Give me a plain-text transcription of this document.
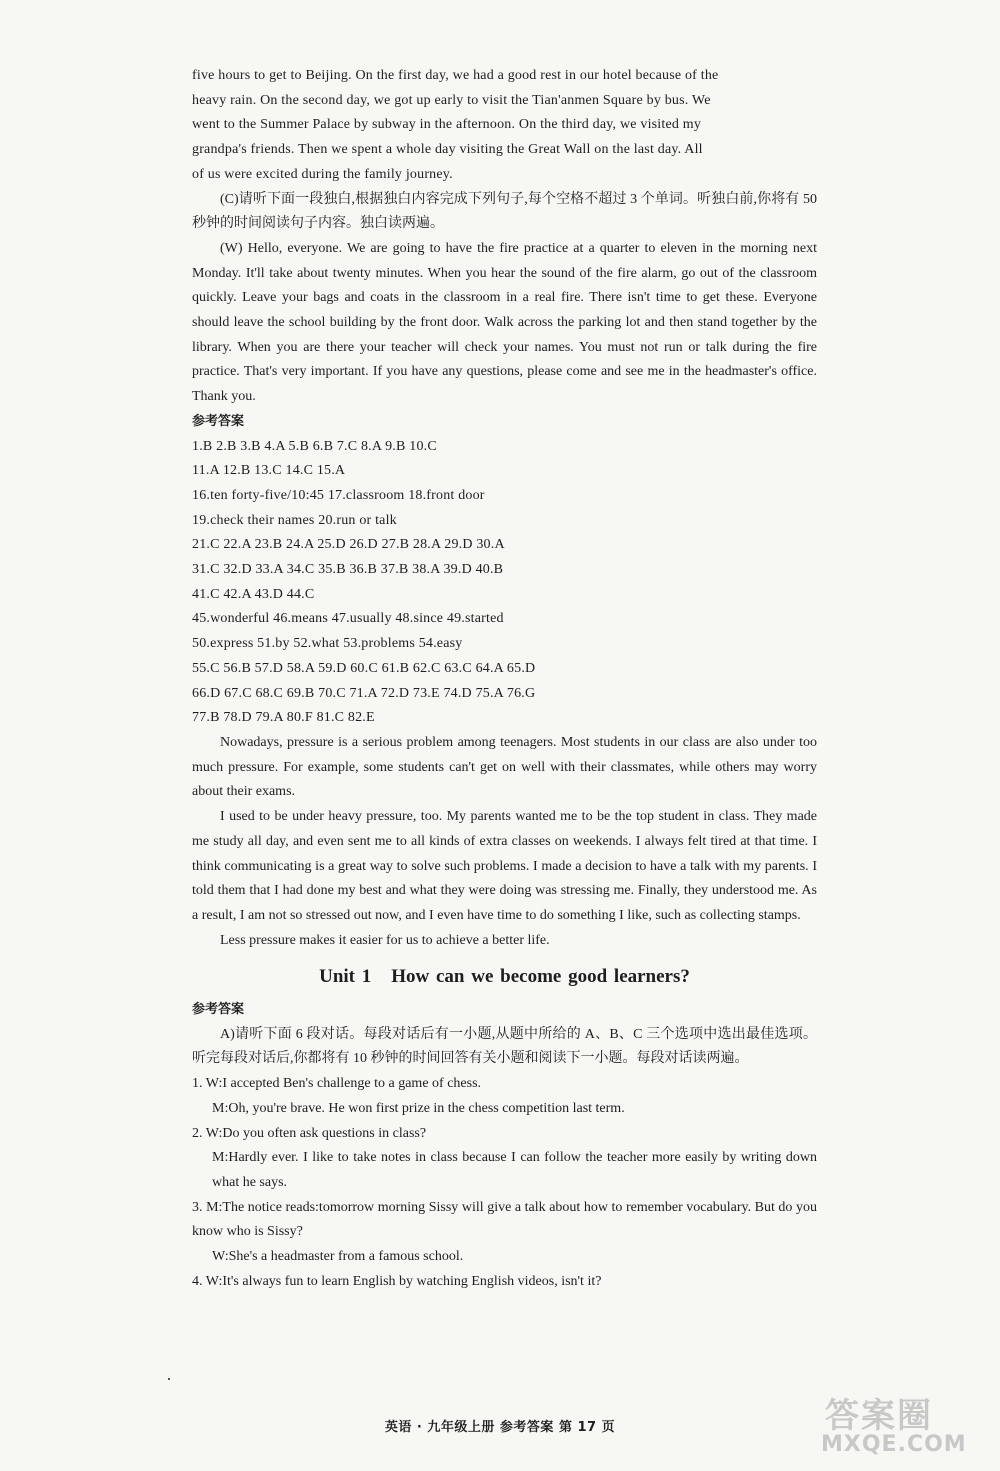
five hours to get to Beijing. On the first day, we had a good rest in our hotel because of the

heavy rain. On the second day, we got up early to visit the Tian'anmen Square by bus. We

went to the Summer Palace by subway in the afternoon. On the third day, we visited my

grandpa's friends. Then we spent a whole day visiting the Great Wall on the last day. All

of us were excited during the family journey.

(C)请听下面一段独白,根据独白内容完成下列句子,每个空格不超过 3 个单词。听独白前,你将有 50 秒钟的时间阅读句子内容。独白读两遍。

(W) Hello, everyone. We are going to have the fire practice at a quarter to eleven in the morning next Monday. It'll take about twenty minutes. When you hear the sound of the fire alarm, go out of the classroom quickly. Leave your bags and coats in the classroom in a real fire. There isn't time to get these. Everyone should leave the school building by the front door. Walk across the parking lot and then stand together by the library. When you are there your teacher will check your names. You must not run or talk during the fire practice. That's very important. If you have any questions, please come and see me in the headmaster's office. Thank you.

参考答案

1.B 2.B 3.B 4.A 5.B 6.B 7.C 8.A 9.B 10.C

11.A 12.B 13.C 14.C 15.A

16.ten forty-five/10:45 17.classroom 18.front door

19.check their names 20.run or talk

21.C 22.A 23.B 24.A 25.D 26.D 27.B 28.A 29.D 30.A

31.C 32.D 33.A 34.C 35.B 36.B 37.B 38.A 39.D 40.B

41.C 42.A 43.D 44.C

45.wonderful 46.means 47.usually 48.since 49.started

50.express 51.by 52.what 53.problems 54.easy

55.C 56.B 57.D 58.A 59.D 60.C 61.B 62.C 63.C 64.A 65.D

66.D 67.C 68.C 69.B 70.C 71.A 72.D 73.E 74.D 75.A 76.G

77.B 78.D 79.A 80.F 81.C 82.E

Nowadays, pressure is a serious problem among teenagers. Most students in our class are also under too much pressure. For example, some students can't get on well with their classmates, while others may worry about their exams.

I used to be under heavy pressure, too. My parents wanted me to be the top student in class. They made me study all day, and even sent me to all kinds of extra classes on weekends. I always felt tired at that time. I think communicating is a great way to solve such problems. I made a decision to have a talk with my parents. I told them that I had done my best and what they were doing was stressing me. Finally, they understood me. As a result, I am not so stressed out now, and I even have time to do something I like, such as collecting stamps.

Less pressure makes it easier for us to achieve a better life.

Unit 1 How can we become good learners?

参考答案

A)请听下面 6 段对话。每段对话后有一小题,从题中所给的 A、B、C 三个选项中选出最佳选项。听完每段对话后,你都将有 10 秒钟的时间回答有关小题和阅读下一小题。每段对话读两遍。

1. W:I accepted Ben's challenge to a game of chess.

M:Oh, you're brave. He won first prize in the chess competition last term.

2. W:Do you often ask questions in class?

M:Hardly ever. I like to take notes in class because I can follow the teacher more easily by writing down what he says.

3. M:The notice reads:tomorrow morning Sissy will give a talk about how to remember vocabulary. But do you know who is Sissy?

W:She's a headmaster from a famous school.

4. W:It's always fun to learn English by watching English videos, isn't it?

英语 · 九年级上册 参考答案 第 17 页	答案圈
MXQE.COM
